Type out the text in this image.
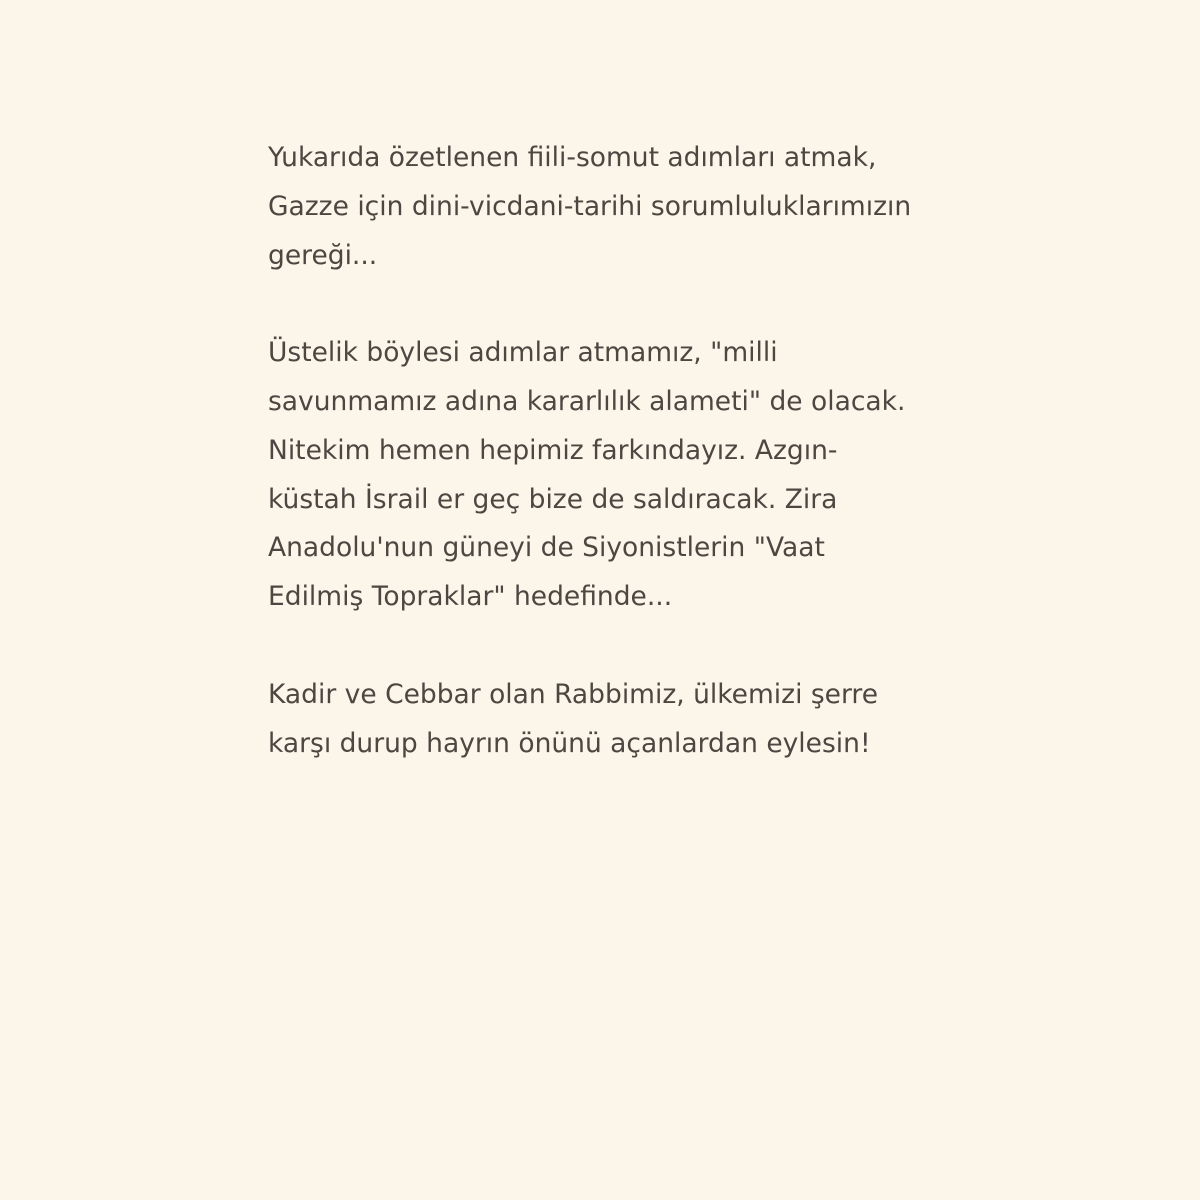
Yukarıda özetlenen fiili-somut adımları atmak,
Gazze için dini-vicdani-tarihi sorumluluklarımızın
gereği...
Üstelik böylesi adımlar atmamız, "milli
savunmamız adına kararlılık alameti" de olacak.
Nitekim hemen hepimiz farkındayız. Azgın-
küstah İsrail er geç bize de saldıracak. Zira
Anadolu'nun güneyi de Siyonistlerin "Vaat
Edilmiş Topraklar" hedefinde...
Kadir ve Cebbar olan Rabbimiz, ülkemizi şerre
karşı durup hayrın önünü açanlardan eylesin!
